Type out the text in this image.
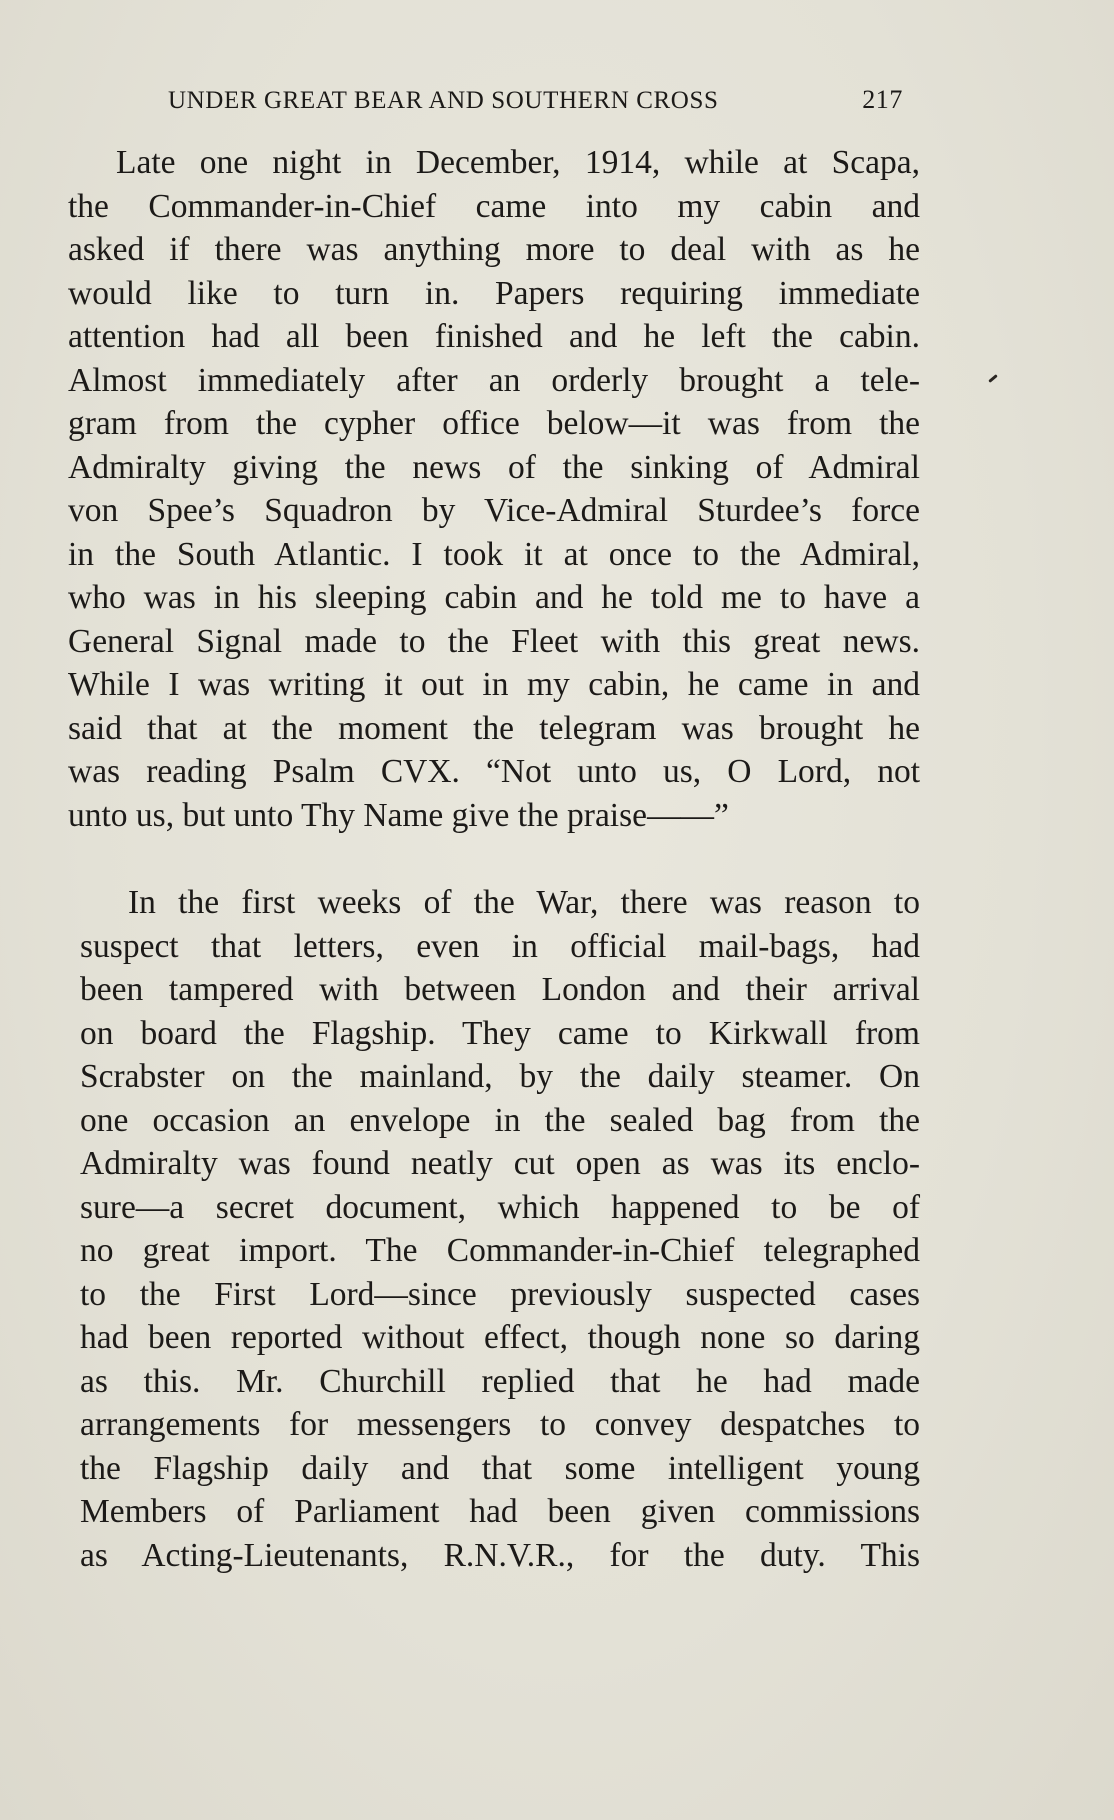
UNDER GREAT BEAR AND SOUTHERN CROSS	217
Late one night in December, 1914, while at Scapa,
the Commander-in-Chief came into my cabin and
asked if there was anything more to deal with as he
would like to turn in. Papers requiring immediate
attention had all been finished and he left the cabin.
Almost immediately after an orderly brought a tele-
gram from the cypher office below—it was from the
Admiralty giving the news of the sinking of Admiral
von Spee’s Squadron by Vice-Admiral Sturdee’s force
in the South Atlantic. I took it at once to the Admiral,
who was in his sleeping cabin and he told me to have a
General Signal made to the Fleet with this great news.
While I was writing it out in my cabin, he came in and
said that at the moment the telegram was brought he
was reading Psalm CVX. “Not unto us, O Lord, not
unto us, but unto Thy Name give the praise——”
In the first weeks of the War, there was reason to
suspect that letters, even in official mail-bags, had
been tampered with between London and their arrival
on board the Flagship. They came to Kirkwall from
Scrabster on the mainland, by the daily steamer. On
one occasion an envelope in the sealed bag from the
Admiralty was found neatly cut open as was its enclo-
sure—a secret document, which happened to be of
no great import. The Commander-in-Chief telegraphed
to the First Lord—since previously suspected cases
had been reported without effect, though none so daring
as this. Mr. Churchill replied that he had made
arrangements for messengers to convey despatches to
the Flagship daily and that some intelligent young
Members of Parliament had been given commissions
as Acting-Lieutenants, R.N.V.R., for the duty. This
